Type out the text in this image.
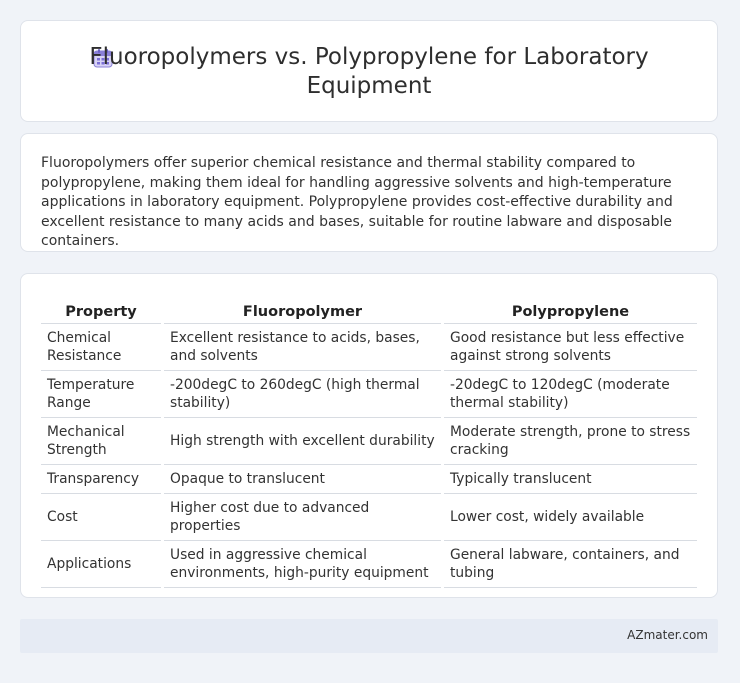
Fluoropolymers vs. Polypropylene for Laboratory Equipment

Fluoropolymers offer superior chemical resistance and thermal stability compared to polypropylene, making them ideal for handling aggressive solvents and high-temperature applications in laboratory equipment. Polypropylene provides cost-effective durability and excellent resistance to many acids and bases, suitable for routine labware and disposable containers.

Property	Fluoropolymer	Polypropylene
Chemical Resistance	Excellent resistance to acids, bases, and solvents	Good resistance but less effective against strong solvents
Temperature Range	-200degC to 260degC (high thermal stability)	-20degC to 120degC (moderate thermal stability)
Mechanical Strength	High strength with excellent durability	Moderate strength, prone to stress cracking
Transparency	Opaque to translucent	Typically translucent
Cost	Higher cost due to advanced properties	Lower cost, widely available
Applications	Used in aggressive chemical environments, high-purity equipment	General labware, containers, and tubing
AZmater.com
